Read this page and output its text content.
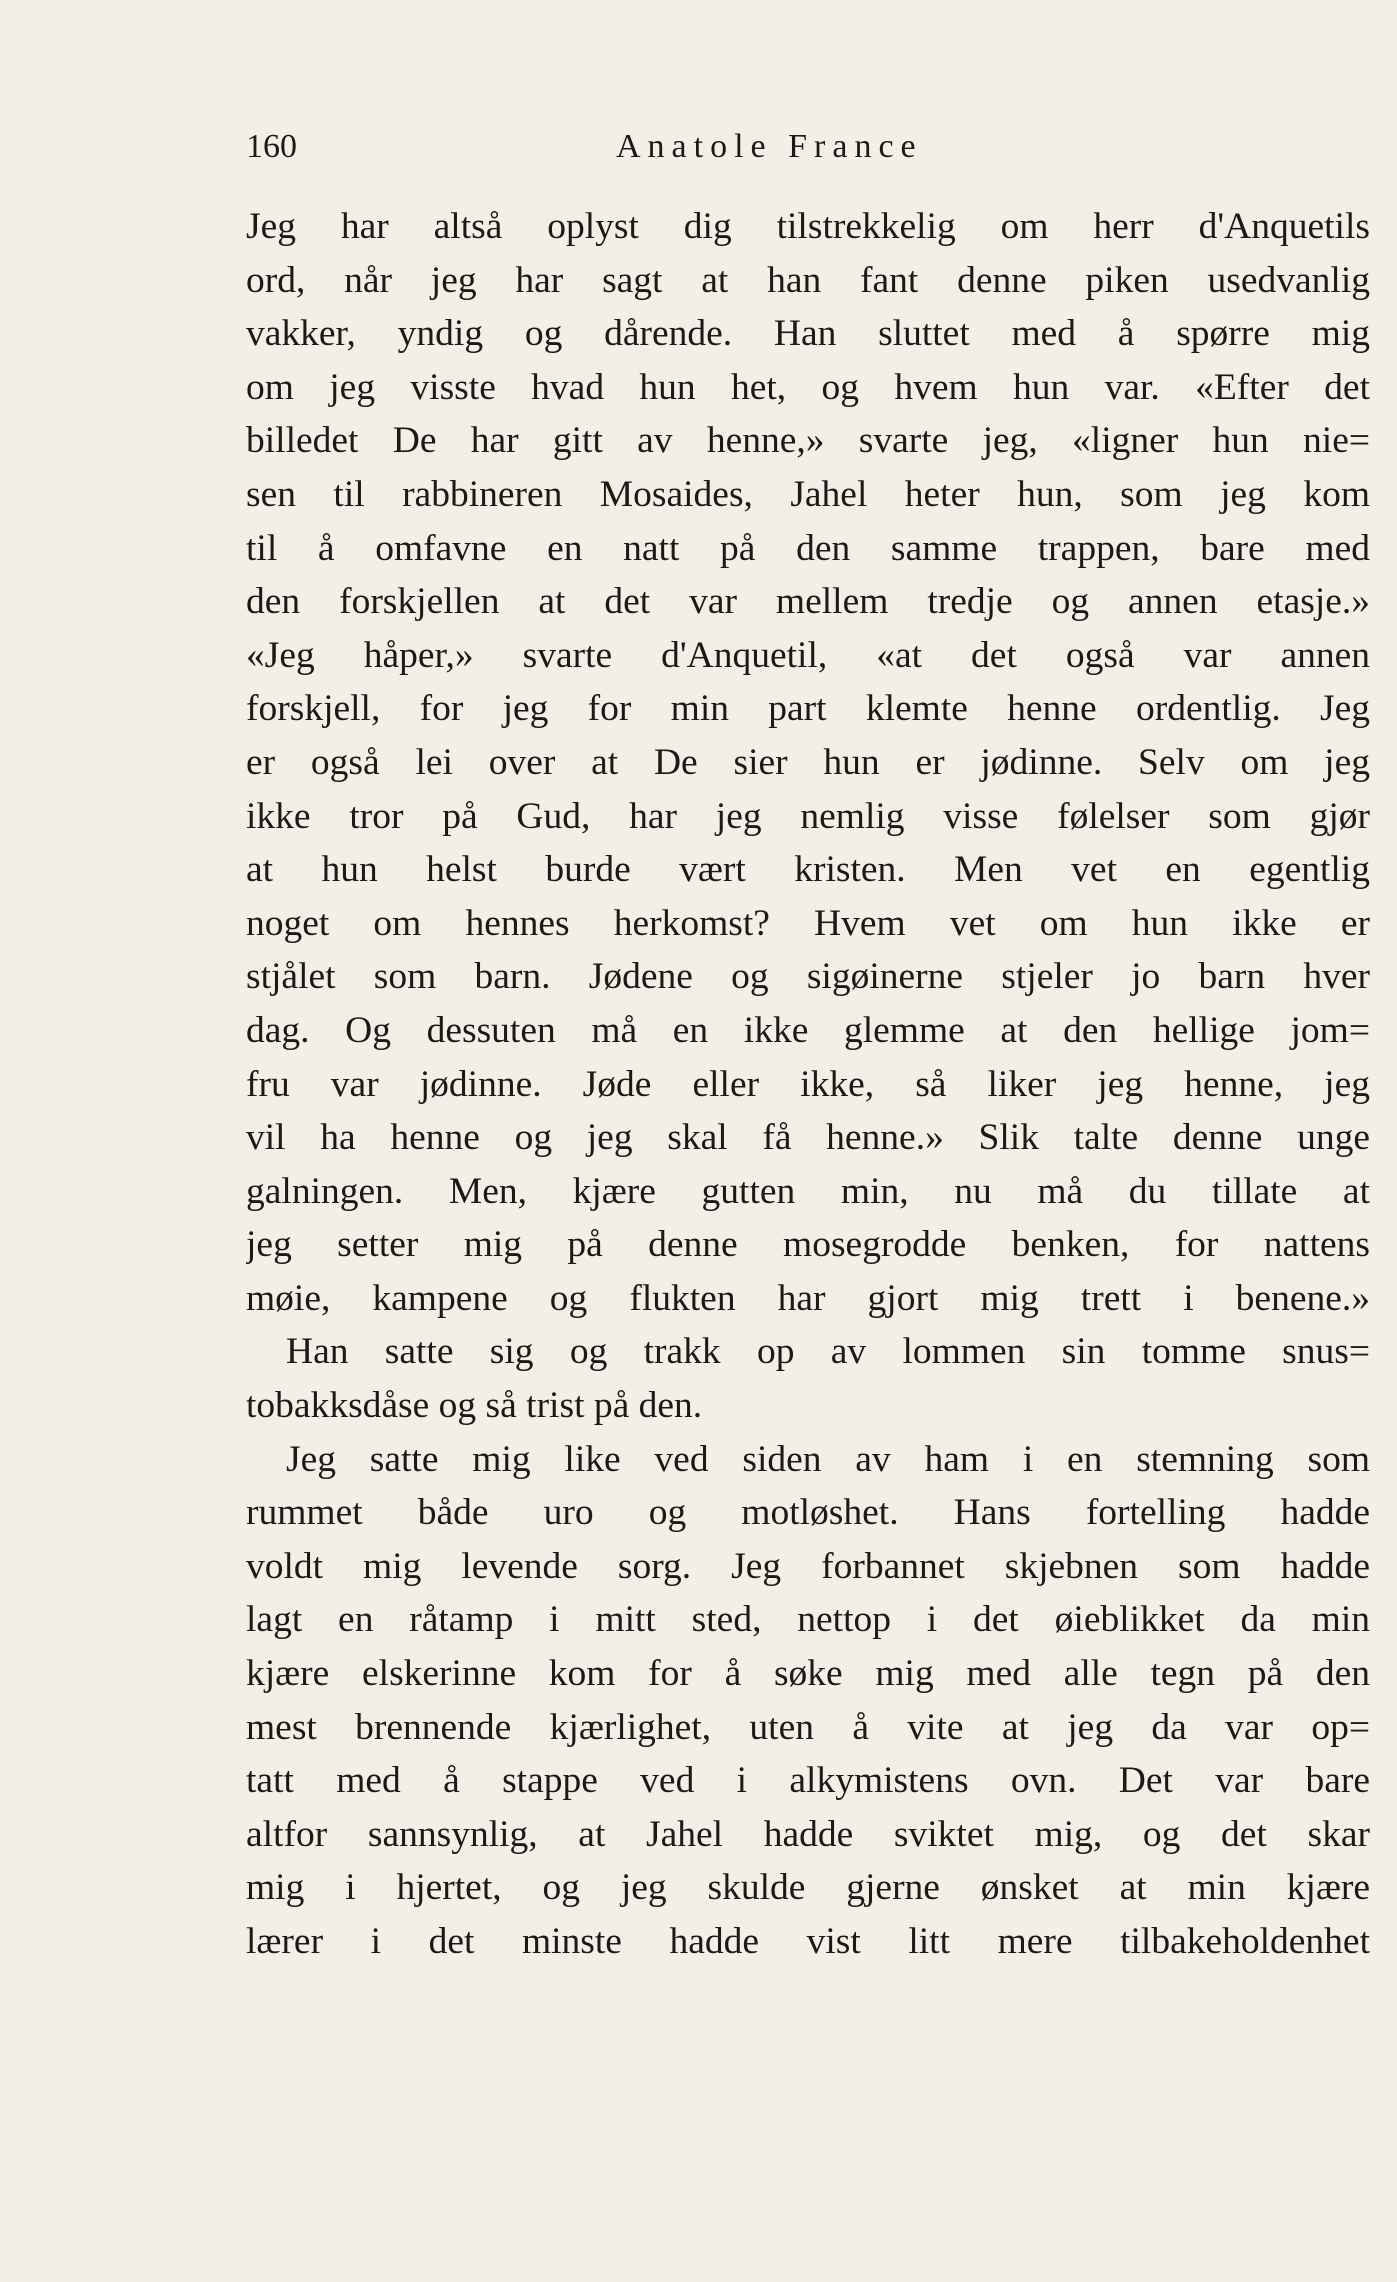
160	Anatole France
Jeg har altså oplyst dig tilstrekkelig om herr d'Anquetils
ord, når jeg har sagt at han fant denne piken usedvanlig
vakker, yndig og dårende. Han sluttet med å spørre mig
om jeg visste hvad hun het, og hvem hun var. «Efter det
billedet De har gitt av henne,» svarte jeg, «ligner hun nie=
sen til rabbineren Mosaides, Jahel heter hun, som jeg kom
til å omfavne en natt på den samme trappen, bare med
den forskjellen at det var mellem tredje og annen etasje.»
«Jeg håper,» svarte d'Anquetil, «at det også var annen
forskjell, for jeg for min part klemte henne ordentlig. Jeg
er også lei over at De sier hun er jødinne. Selv om jeg
ikke tror på Gud, har jeg nemlig visse følelser som gjør
at hun helst burde vært kristen. Men vet en egentlig
noget om hennes herkomst? Hvem vet om hun ikke er
stjålet som barn. Jødene og sigøinerne stjeler jo barn hver
dag. Og dessuten må en ikke glemme at den hellige jom=
fru var jødinne. Jøde eller ikke, så liker jeg henne, jeg
vil ha henne og jeg skal få henne.» Slik talte denne unge
galningen. Men, kjære gutten min, nu må du tillate at
jeg setter mig på denne mosegrodde benken, for nattens
møie, kampene og flukten har gjort mig trett i benene.»
Han satte sig og trakk op av lommen sin tomme snus=
tobakksdåse og så trist på den.
Jeg satte mig like ved siden av ham i en stemning som
rummet både uro og motløshet. Hans fortelling hadde
voldt mig levende sorg. Jeg forbannet skjebnen som hadde
lagt en råtamp i mitt sted, nettop i det øieblikket da min
kjære elskerinne kom for å søke mig med alle tegn på den
mest brennende kjærlighet, uten å vite at jeg da var op=
tatt med å stappe ved i alkymistens ovn. Det var bare
altfor sannsynlig, at Jahel hadde sviktet mig, og det skar
mig i hjertet, og jeg skulde gjerne ønsket at min kjære
lærer i det minste hadde vist litt mere tilbakeholdenhet
